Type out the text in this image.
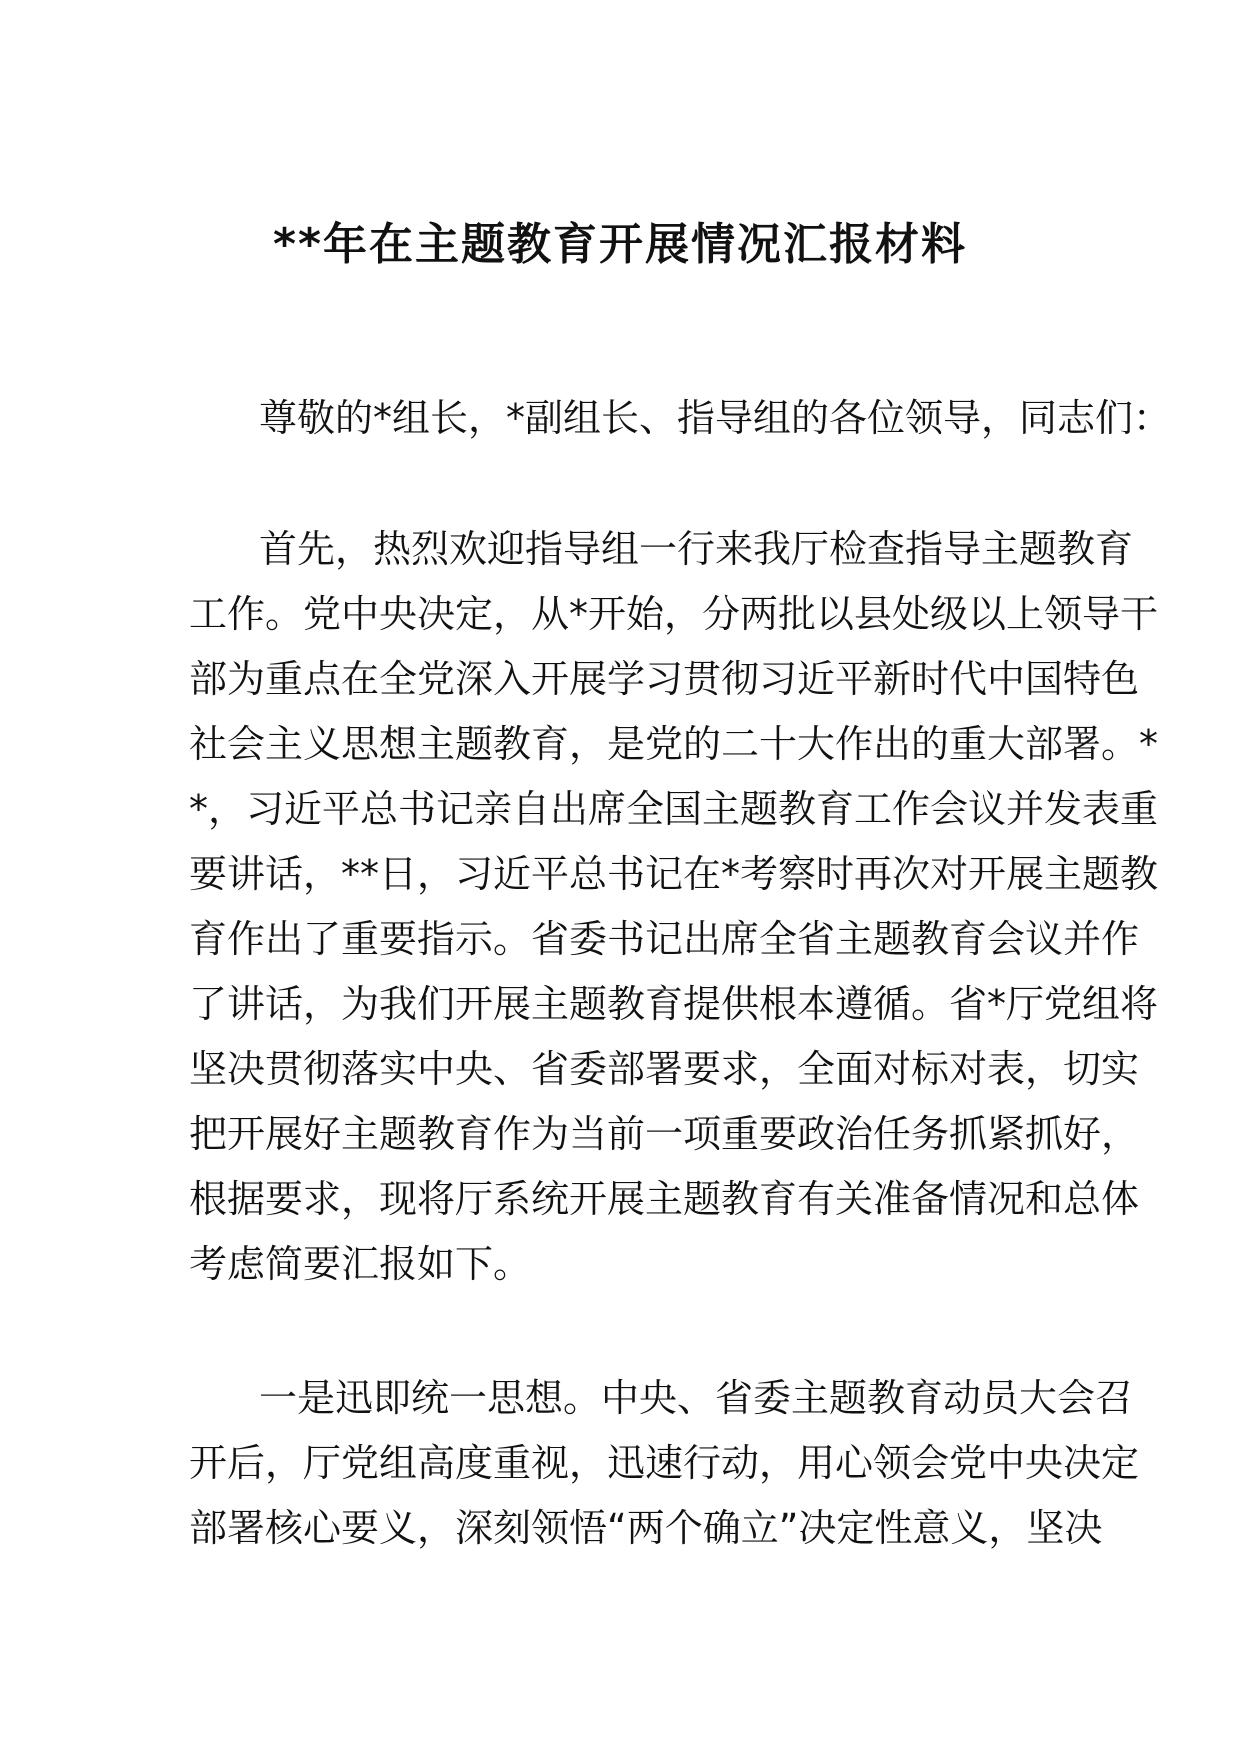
**年在主题教育开展情况汇报材料
尊敬的*组长，*副组长、指导组的各位领导，同志们：
首先，热烈欢迎指导组一行来我厅检查指导主题教育
工作。党中央决定，从*开始，分两批以县处级以上领导干
部为重点在全党深入开展学习贯彻习近平新时代中国特色
社会主义思想主题教育，是党的二十大作出的重大部署。*
*，习近平总书记亲自出席全国主题教育工作会议并发表重
要讲话，**日，习近平总书记在*考察时再次对开展主题教
育作出了重要指示。省委书记出席全省主题教育会议并作
了讲话，为我们开展主题教育提供根本遵循。省*厅党组将
坚决贯彻落实中央、省委部署要求，全面对标对表，切实
把开展好主题教育作为当前一项重要政治任务抓紧抓好，
根据要求，现将厅系统开展主题教育有关准备情况和总体
考虑简要汇报如下。
一是迅即统一思想。中央、省委主题教育动员大会召
开后，厅党组高度重视，迅速行动，用心领会党中央决定
部署核心要义，深刻领悟“两个确立”决定性意义，坚决
